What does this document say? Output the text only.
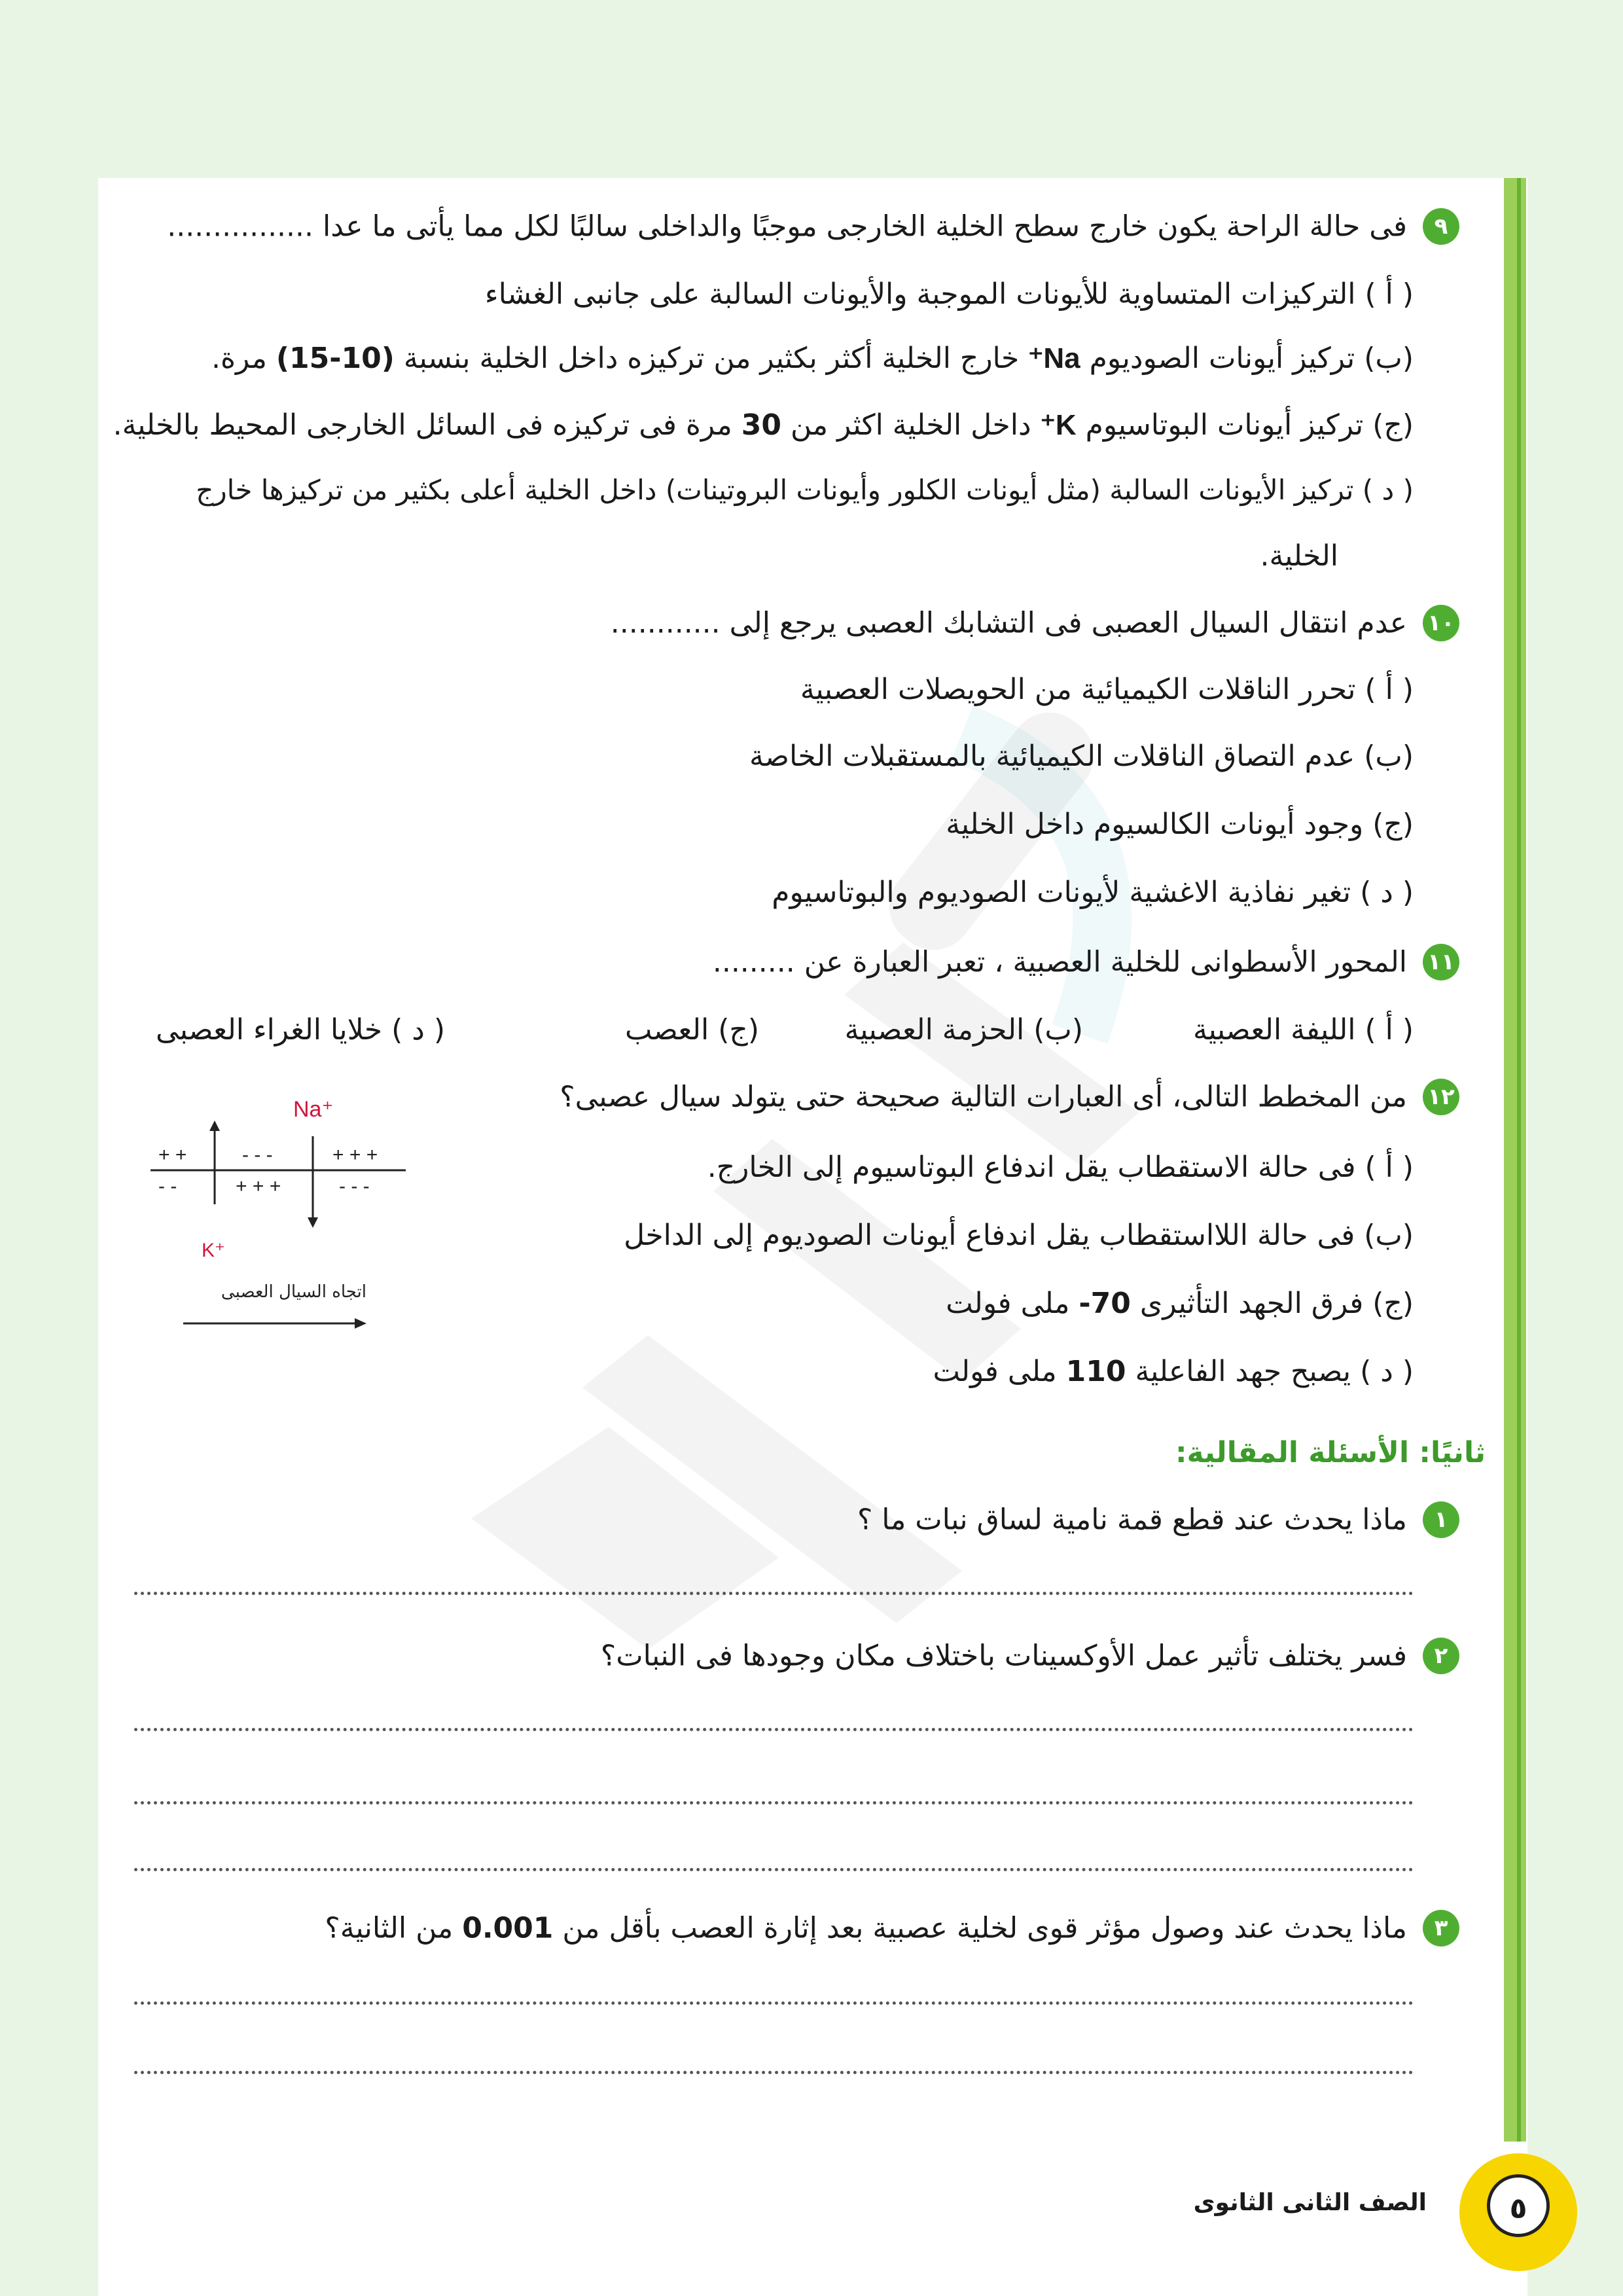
٩ فى حالة الراحة يكون خارج سطح الخلية الخارجى موجبًا والداخلى سالبًا لكل مما يأتى ما عدا ................
( أ ) التركيزات المتساوية للأيونات الموجبة والأيونات السالبة على جانبى الغشاء
(ب) تركيز أيونات الصوديوم Na⁺ خارج الخلية أكثر بكثير من تركيزه داخل الخلية بنسبة (10-15) مرة.
(ج) تركيز أيونات البوتاسيوم K⁺ داخل الخلية اكثر من 30 مرة فى تركيزه فى السائل الخارجى المحيط بالخلية.
( د ) تركيز الأيونات السالبة (مثل أيونات الكلور وأيونات البروتينات) داخل الخلية أعلى بكثير من تركيزها خارج
الخلية.
١٠ عدم انتقال السيال العصبى فى التشابك العصبى يرجع إلى ............
( أ ) تحرر الناقلات الكيميائية من الحويصلات العصبية
(ب) عدم التصاق الناقلات الكيميائية بالمستقبلات الخاصة
(ج) وجود أيونات الكالسيوم داخل الخلية
( د ) تغير نفاذية الاغشية لأيونات الصوديوم والبوتاسيوم
١١ المحور الأسطوانى للخلية العصبية ، تعبر العبارة عن .........
( أ ) الليفة العصبية
(ب) الحزمة العصبية
(ج) العصب
( د ) خلايا الغراء العصبى
١٢ من المخطط التالى، أى العبارات التالية صحيحة حتى يتولد سيال عصبى؟
( أ ) فى حالة الاستقطاب يقل اندفاع البوتاسيوم إلى الخارج.
(ب) فى حالة اللااستقطاب يقل اندفاع أيونات الصوديوم إلى الداخل
(ج) فرق الجهد التأثيرى -70 ملى فولت
( د ) يصبح جهد الفاعلية 110 ملى فولت
Na⁺
+ +	- - -	+ + +
- -	+ + +	- - -
K⁺
اتجاه السيال العصبى
ثانيًا: الأسئلة المقالية:
١ ماذا يحدث عند قطع قمة نامية لساق نبات ما ؟
٢ فسر يختلف تأثير عمل الأوكسينات باختلاف مكان وجودها فى النبات؟
٣ ماذا يحدث عند وصول مؤثر قوى لخلية عصبية بعد إثارة العصب بأقل من 0.001 من الثانية؟
٥
الصف الثانى الثانوى
